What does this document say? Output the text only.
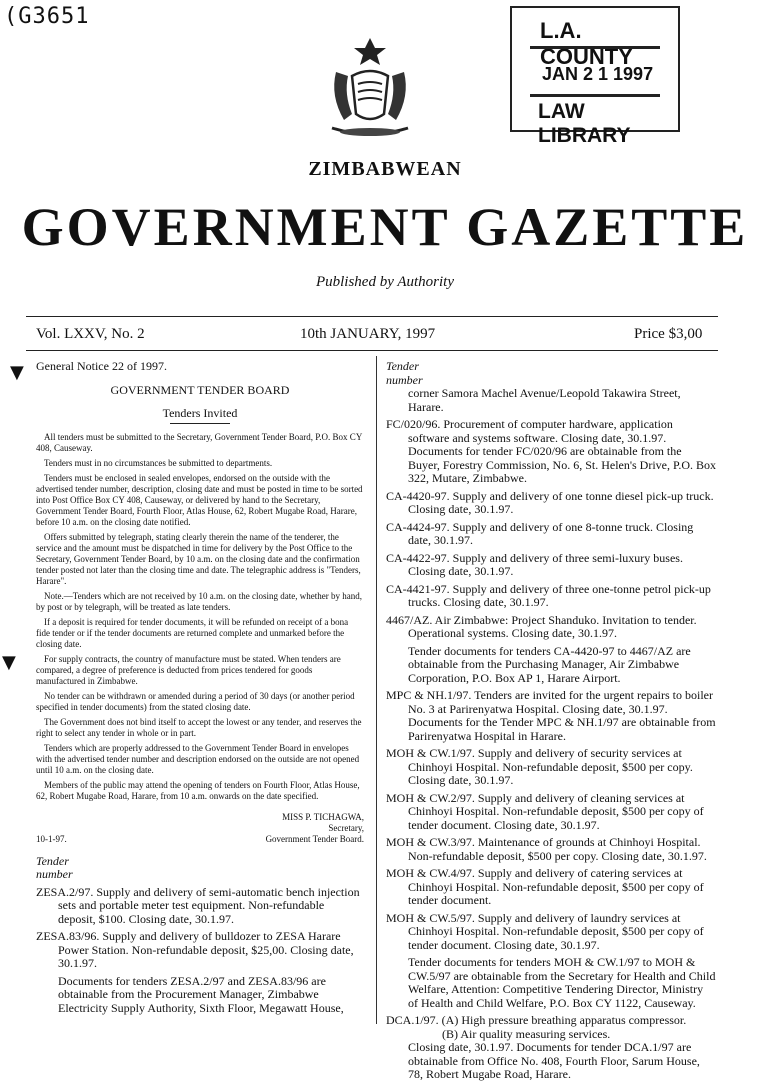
(G3651
L.A. COUNTY
JAN 2 1 1997
LAW LIBRARY
ZIMBABWEAN
GOVERNMENT GAZETTE
Published by Authority
Vol. LXXV, No. 2	10th JANUARY, 1997	Price $3,00
▼
▼

General Notice 22 of 1997.

GOVERNMENT TENDER BOARD

Tenders Invited

All tenders must be submitted to the Secretary, Government Tender Board, P.O. Box CY 408, Causeway.

Tenders must in no circumstances be submitted to departments.

Tenders must be enclosed in sealed envelopes, endorsed on the outside with the advertised tender number, description, closing date and must be posted in time to be sorted into Post Office Box CY 408, Causeway, or delivered by hand to the Secretary, Government Tender Board, Fourth Floor, Atlas House, 62, Robert Mugabe Road, Harare, before 10 a.m. on the closing date notified.

Offers submitted by telegraph, stating clearly therein the name of the tenderer, the service and the amount must be dispatched in time for delivery by the Post Office to the Secretary, Government Tender Board, by 10 a.m. on the closing date and the confirmation tender posted not later than the closing time and date. The telegraphic address is "Tenders, Harare".

Note.—Tenders which are not received by 10 a.m. on the closing date, whether by hand, by post or by telegraph, will be treated as late tenders.

If a deposit is required for tender documents, it will be refunded on receipt of a bona fide tender or if the tender documents are returned complete and unmarked before the closing date.

For supply contracts, the country of manufacture must be stated. When tenders are compared, a degree of preference is deducted from prices tendered for goods manufactured in Zimbabwe.

No tender can be withdrawn or amended during a period of 30 days (or another period specified in tender documents) from the stated closing date.

The Government does not bind itself to accept the lowest or any tender, and reserves the right to select any tender in whole or in part.

Tenders which are properly addressed to the Government Tender Board in envelopes with the advertised tender number and description endorsed on the outside are not opened until 10 a.m. on the closing date.

Members of the public may attend the opening of tenders on Fourth Floor, Atlas House, 62, Robert Mugabe Road, Harare, from 10 a.m. onwards on the date specified.

MISS P. TICHAGWA,

Secretary,

10-1-97.	Government Tender Board.

Tender

number

ZESA.2/97. Supply and delivery of semi-automatic bench injection sets and portable meter test equipment. Non-refundable deposit, $100. Closing date, 30.1.97.

ZESA.83/96. Supply and delivery of bulldozer to ZESA Harare Power Station. Non-refundable deposit, $25,00. Closing date, 30.1.97.

Documents for tenders ZESA.2/97 and ZESA.83/96 are obtainable from the Procurement Manager, Zimbabwe Electricity Supply Authority, Sixth Floor, Megawatt House,

Tender

number

corner Samora Machel Avenue/Leopold Takawira Street, Harare.

FC/020/96. Procurement of computer hardware, application software and systems software. Closing date, 30.1.97. Documents for tender FC/020/96 are obtainable from the Buyer, Forestry Commission, No. 6, St. Helen's Drive, P.O. Box 322, Mutare, Zimbabwe.

CA-4420-97. Supply and delivery of one tonne diesel pick-up truck. Closing date, 30.1.97.

CA-4424-97. Supply and delivery of one 8-tonne truck. Closing date, 30.1.97.

CA-4422-97. Supply and delivery of three semi-luxury buses. Closing date, 30.1.97.

CA-4421-97. Supply and delivery of three one-tonne petrol pick-up trucks. Closing date, 30.1.97.

4467/AZ. Air Zimbabwe: Project Shanduko. Invitation to tender. Operational systems. Closing date, 30.1.97.

Tender documents for tenders CA-4420-97 to 4467/AZ are obtainable from the Purchasing Manager, Air Zimbabwe Corporation, P.O. Box AP 1, Harare Airport.

MPC & NH.1/97. Tenders are invited for the urgent repairs to boiler No. 3 at Parirenyatwa Hospital. Closing date, 30.1.97. Documents for the Tender MPC & NH.1/97 are obtainable from Parirenyatwa Hospital in Harare.

MOH & CW.1/97. Supply and delivery of security services at Chinhoyi Hospital. Non-refundable deposit, $500 per copy. Closing date, 30.1.97.

MOH & CW.2/97. Supply and delivery of cleaning services at Chinhoyi Hospital. Non-refundable deposit, $500 per copy of tender document. Closing date, 30.1.97.

MOH & CW.3/97. Maintenance of grounds at Chinhoyi Hospital. Non-refundable deposit, $500 per copy. Closing date, 30.1.97.

MOH & CW.4/97. Supply and delivery of catering services at Chinhoyi Hospital. Non-refundable deposit, $500 per copy of tender document.

MOH & CW.5/97. Supply and delivery of laundry services at Chinhoyi Hospital. Non-refundable deposit, $500 per copy of tender document. Closing date, 30.1.97.

Tender documents for tenders MOH & CW.1/97 to MOH & CW.5/97 are obtainable from the Secretary for Health and Child Welfare, Attention: Competitive Tendering Director, Ministry of Health and Child Welfare, P.O. Box CY 1122, Causeway.

DCA.1/97. (A) High pressure breathing apparatus compressor.

(B) Air quality measuring services.

Closing date, 30.1.97. Documents for tender DCA.1/97 are obtainable from Office No. 408, Fourth Floor, Sarum House, 78, Robert Mugabe Road, Harare.
